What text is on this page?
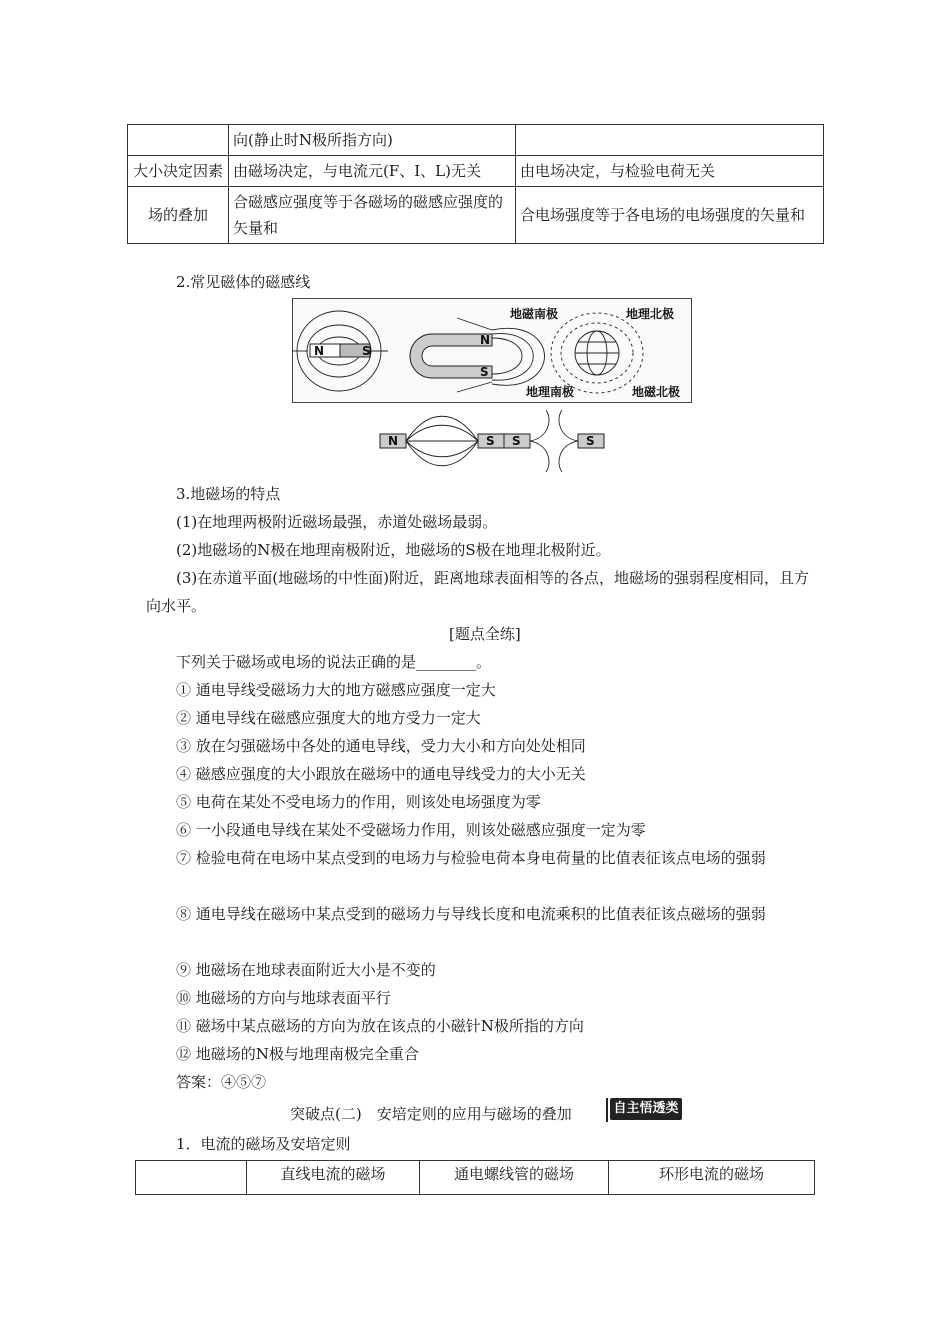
	向(静止时N极所指方向)	
大小决定因素	由磁场决定，与电流元(F、I、L)无关	由电场决定，与检验电荷无关
场的叠加	合磁感应强度等于各磁场的磁感应强度的矢量和	合电场强度等于各电场的电场强度的矢量和
2.常见磁体的磁感线
N	S
N
S
地磁南极	地理北极
地理南极	地磁北极
N	S S	S
3.地磁场的特点
(1)在地理两极附近磁场最强，赤道处磁场最弱。
(2)地磁场的N极在地理南极附近，地磁场的S极在地理北极附近。
(3)在赤道平面(地磁场的中性面)附近，距离地球表面相等的各点，地磁场的强弱程度相同，且方向水平。
[题点全练]
下列关于磁场或电场的说法正确的是________。
① 通电导线受磁场力大的地方磁感应强度一定大
② 通电导线在磁感应强度大的地方受力一定大
③ 放在匀强磁场中各处的通电导线，受力大小和方向处处相同
④ 磁感应强度的大小跟放在磁场中的通电导线受力的大小无关
⑤ 电荷在某处不受电场力的作用，则该处电场强度为零
⑥ 一小段通电导线在某处不受磁场力作用，则该处磁感应强度一定为零
⑦ 检验电荷在电场中某点受到的电场力与检验电荷本身电荷量的比值表征该点电场的强弱
⑧ 通电导线在磁场中某点受到的磁场力与导线长度和电流乘积的比值表征该点磁场的强弱
⑨ 地磁场在地球表面附近大小是不变的
⑩ 地磁场的方向与地球表面平行
⑪ 磁场中某点磁场的方向为放在该点的小磁针N极所指的方向
⑫ 地磁场的N极与地理南极完全重合
答案：④⑤⑦
突破点(二)　安培定则的应用与磁场的叠加	自主悟透类
1．电流的磁场及安培定则
	直线电流的磁场	通电螺线管的磁场	环形电流的磁场
